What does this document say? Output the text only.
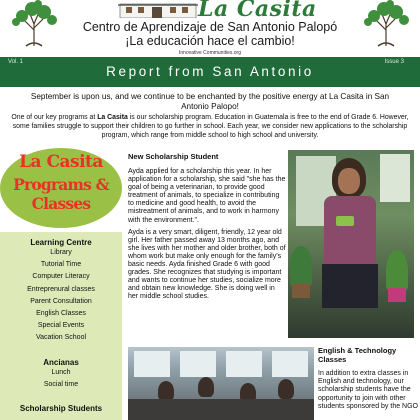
La Casita
Centro de Aprendizaje de San Antonio Palopó
¡La educación hace el cambio!
Innovative Communities.org
Vol. 1
Report from San Antonio
Issue 3
September is upon us, and we continue to be enchanted by the positive energy at La Casita in San Antonio Palopo!
One of our key programs at La Casita is our scholarship program. Education in Guatemala is free to the end of Grade 6. However, some families struggle to support their children to go further in school. Each year, we consider new applications to the scholarship program, which range from middle school to high school and university.
La Casita
Programs & Classes
Learning Centre
Library
Tutorial Time
Computer Literacy
Entreprenural classes
Parent Consultation
English Classes
Special Events
Vacation School
Ancianas
Lunch
Social time
Scholarship Students
New Scholarship Student

Ayda applied for a scholarship this year. In her application for a scholarship, she said "she has the goal of being a veterinarian, to provide good treatment of animals, to specialize in contributing to medicine and good health, to avoid the mistreatment of animals, and to work in harmony with the environment.".

Ayda is a very smart, diligent, friendly, 12 year old girl. Her father passed away 13 months ago, and she lives with her mother and older brother, both of whom work but make only enough for the family's basic needs. Ayda finished Grade 6 with good grades. She recognizes that studying is important and wants to continue her studies, socialize more and obtain new knowledge. She is doing well in her middle school studies.

English & Technology Classes
In addition to extra classes in English and technology, our scholarship students have the opportunity to join with other students sponsored by the NGO
